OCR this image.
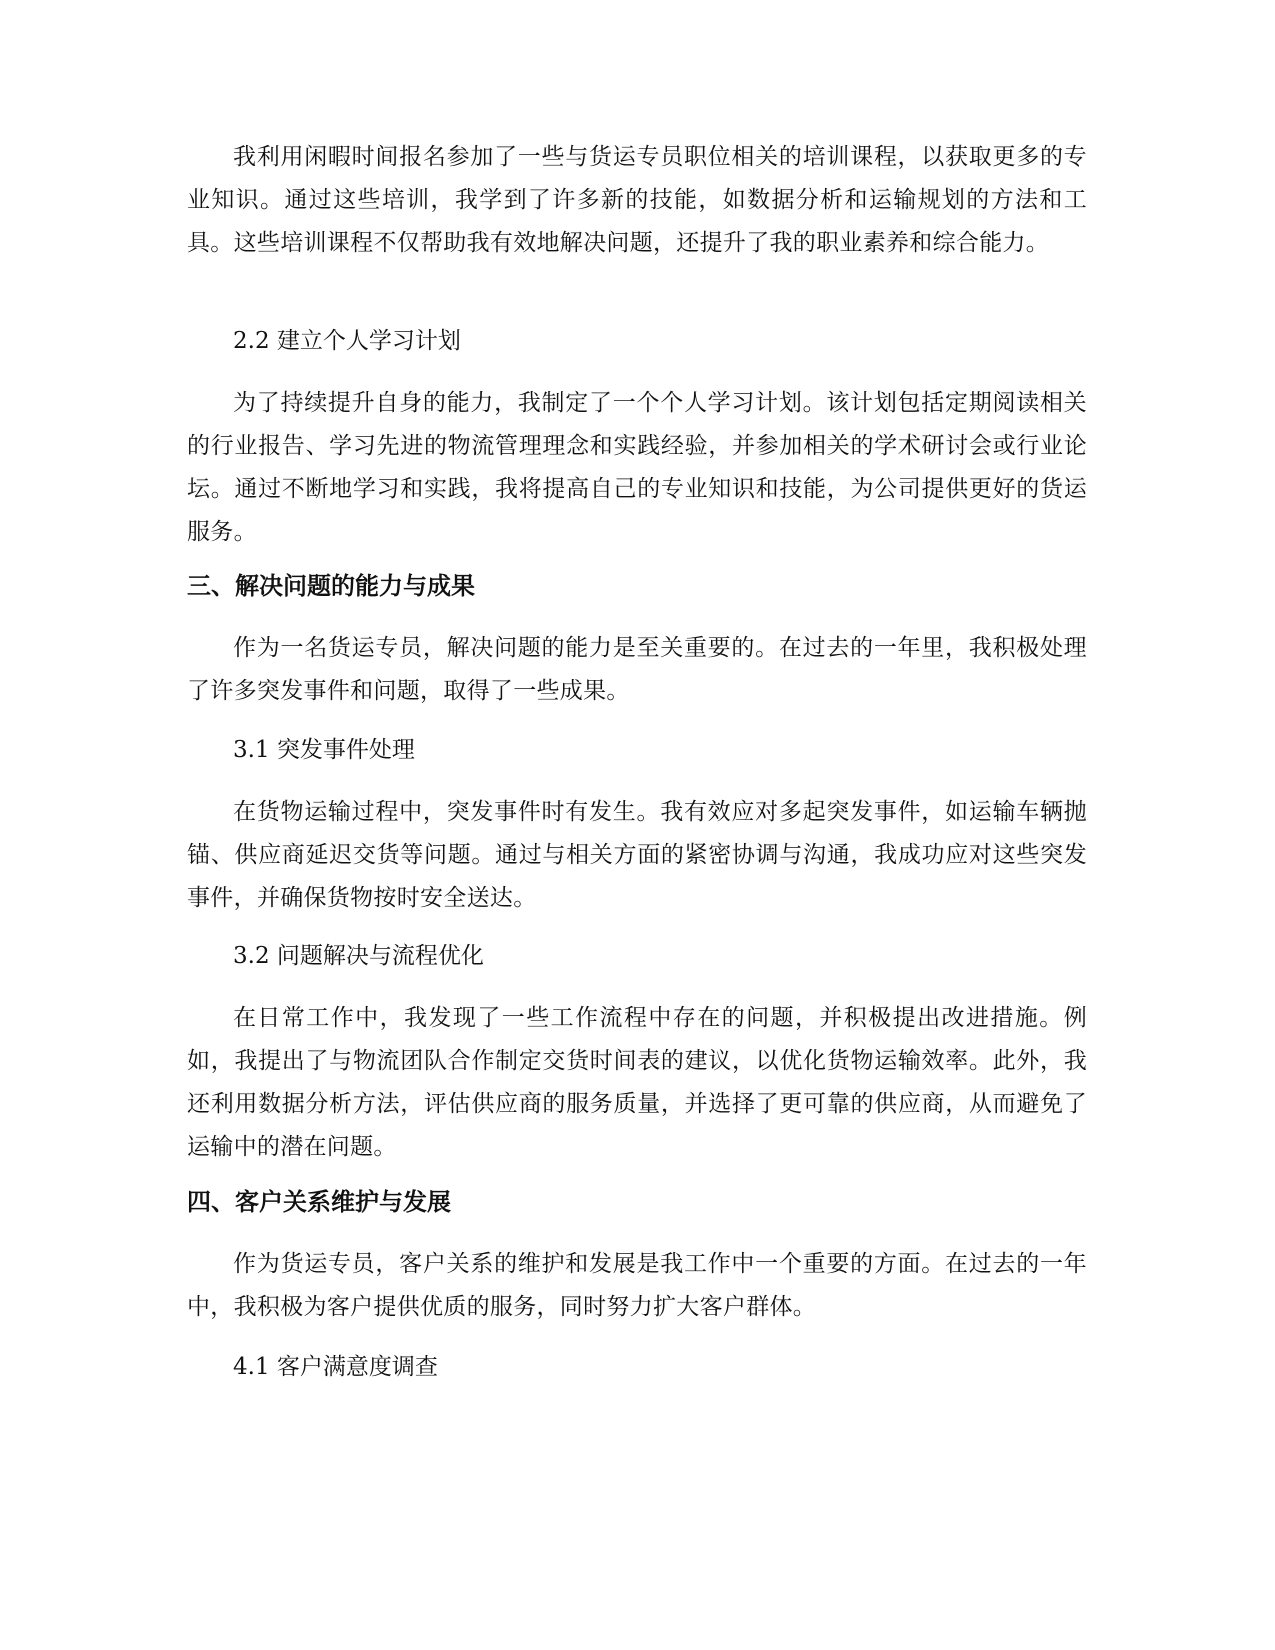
我利用闲暇时间报名参加了一些与货运专员职位相关的培训课程，以获取更多的专业知识。通过这些培训，我学到了许多新的技能，如数据分析和运输规划的方法和工具。这些培训课程不仅帮助我有效地解决问题，还提升了我的职业素养和综合能力。

2.2 建立个人学习计划

为了持续提升自身的能力，我制定了一个个人学习计划。该计划包括定期阅读相关的行业报告、学习先进的物流管理理念和实践经验，并参加相关的学术研讨会或行业论坛。通过不断地学习和实践，我将提高自己的专业知识和技能，为公司提供更好的货运服务。

三、解决问题的能力与成果

作为一名货运专员，解决问题的能力是至关重要的。在过去的一年里，我积极处理了许多突发事件和问题，取得了一些成果。

3.1 突发事件处理

在货物运输过程中，突发事件时有发生。我有效应对多起突发事件，如运输车辆抛锚、供应商延迟交货等问题。通过与相关方面的紧密协调与沟通，我成功应对这些突发事件，并确保货物按时安全送达。

3.2 问题解决与流程优化

在日常工作中，我发现了一些工作流程中存在的问题，并积极提出改进措施。例如，我提出了与物流团队合作制定交货时间表的建议，以优化货物运输效率。此外，我还利用数据分析方法，评估供应商的服务质量，并选择了更可靠的供应商，从而避免了运输中的潜在问题。

四、客户关系维护与发展

作为货运专员，客户关系的维护和发展是我工作中一个重要的方面。在过去的一年中，我积极为客户提供优质的服务，同时努力扩大客户群体。

4.1 客户满意度调查
